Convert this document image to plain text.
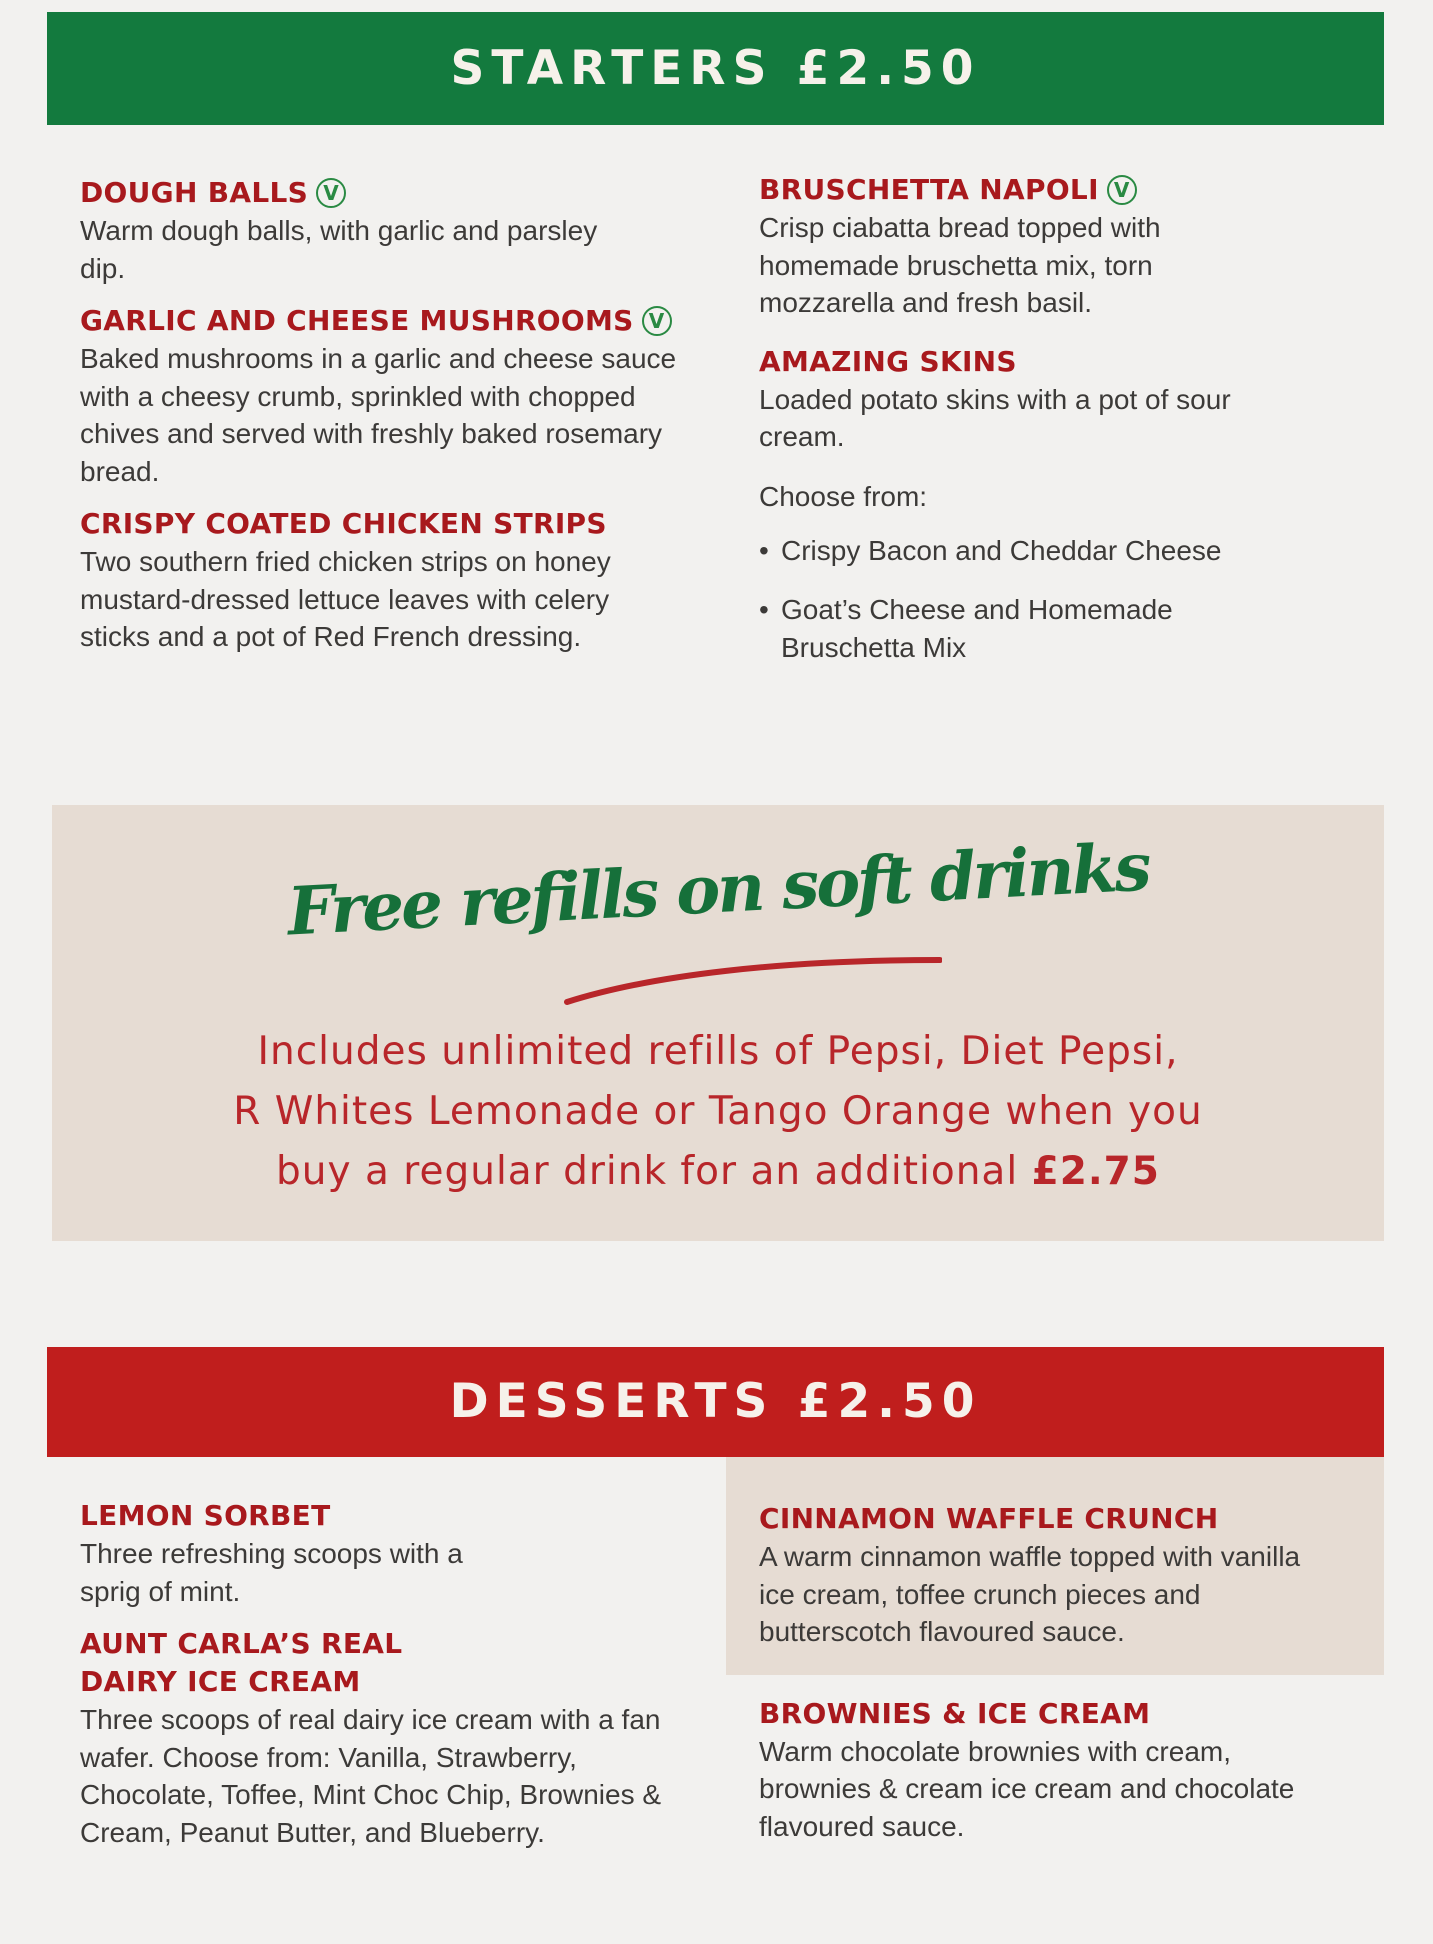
STARTERS £2.50
DOUGH BALLS V

Warm dough balls, with garlic and parsley dip.

GARLIC AND CHEESE MUSHROOMS V

Baked mushrooms in a garlic and cheese sauce with a cheesy crumb, sprinkled with chopped chives and served with freshly baked rosemary bread.

CRISPY COATED CHICKEN STRIPS

Two southern fried chicken strips on honey mustard-dressed lettuce leaves with celery sticks and a pot of Red French dressing.

BRUSCHETTA NAPOLI V

Crisp ciabatta bread topped with homemade bruschetta mix, torn mozzarella and fresh basil.

AMAZING SKINS

Loaded potato skins with a pot of sour cream.

Choose from:

• Crispy Bacon and Cheddar Cheese
• Goat’s Cheese and Homemade Bruschetta Mix
Free refills on soft drinks
Includes unlimited refills of Pepsi, Diet Pepsi,
R Whites Lemonade or Tango Orange when you
buy a regular drink for an additional £2.75
DESSERTS £2.50
LEMON SORBET

Three refreshing scoops with a sprig of mint.

AUNT CARLA’S REAL
DAIRY ICE CREAM

Three scoops of real dairy ice cream with a fan wafer. Choose from: Vanilla, Strawberry, Chocolate, Toffee, Mint Choc Chip, Brownies & Cream, Peanut Butter, and Blueberry.

CINNAMON WAFFLE CRUNCH

A warm cinnamon waffle topped with vanilla ice cream, toffee crunch pieces and butterscotch flavoured sauce.

BROWNIES & ICE CREAM

Warm chocolate brownies with cream, brownies & cream ice cream and chocolate flavoured sauce.
